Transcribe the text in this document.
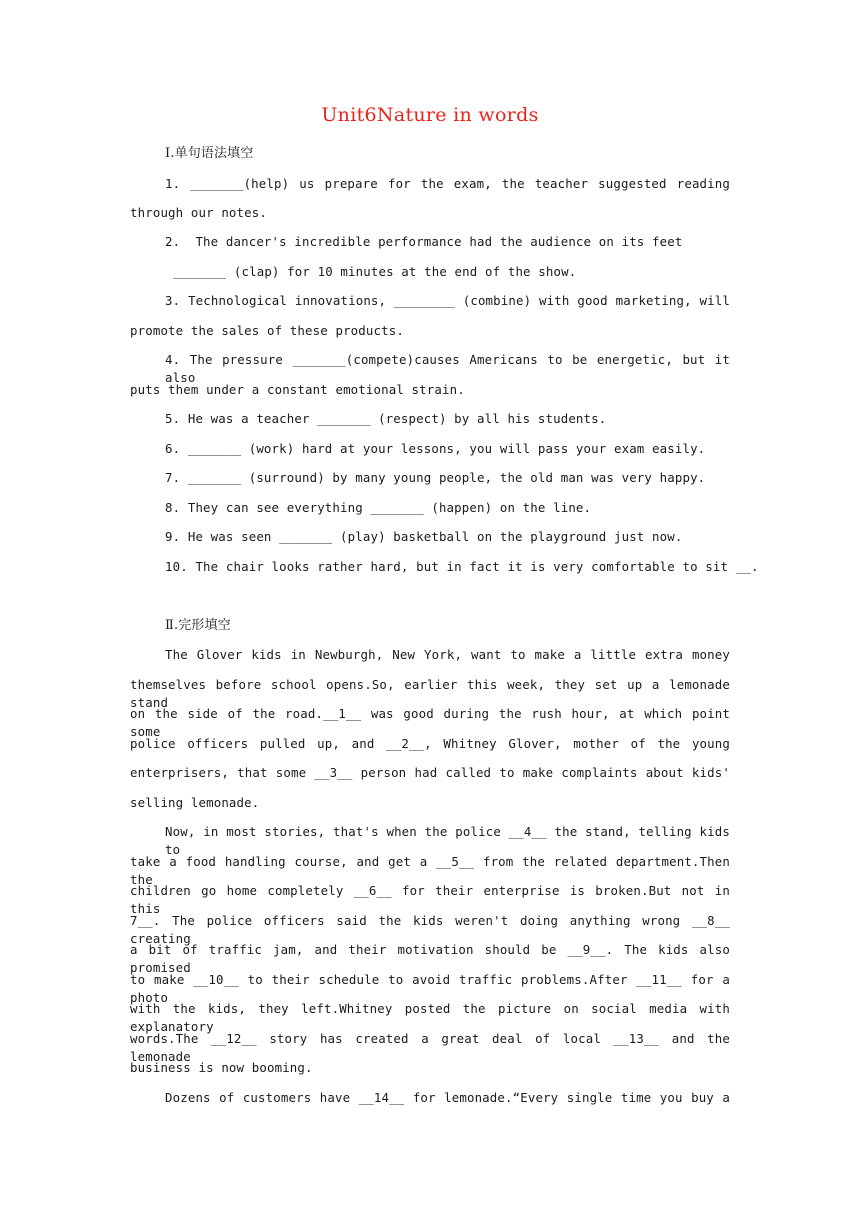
Unit6Nature in words
Ⅰ.单句语法填空
1. _______(help) us prepare for the exam, the teacher suggested reading
through our notes.
2.  The dancer's incredible performance had the audience on its feet
_______ (clap) for 10 minutes at the end of the show.
3. Technological innovations, ________ (combine) with good marketing, will
promote the sales of these products.
4. The pressure _______(compete)causes Americans to be energetic, but it also
puts them under a constant emotional strain.
5. He was a teacher _______ (respect) by all his students.
6. _______ (work) hard at your lessons, you will pass your exam easily.
7. _______ (surround) by many young people, the old man was very happy.
8. They can see everything _______ (happen) on the line.
9. He was seen _______ (play) basketball on the playground just now.
10. The chair looks rather hard, but in fact it is very comfortable to sit __.
Ⅱ.完形填空
The Glover kids in Newburgh, New York, want to make a little extra money
themselves before school opens.So, earlier this week, they set up a lemonade stand
on the side of the road.__1__ was good during the rush hour, at which point some
police officers pulled up, and __2__, Whitney Glover, mother of the young
enterprisers, that some __3__ person had called to make complaints about kids'
selling lemonade.
Now, in most stories, that's when the police __4__ the stand, telling kids to
take a food handling course, and get a __5__ from the related department.Then the
children go home completely __6__ for their enterprise is broken.But not in this
7__. The police officers said the kids weren't doing anything wrong __8__ creating
a bit of traffic jam, and their motivation should be __9__. The kids also promised
to make __10__ to their schedule to avoid traffic problems.After __11__ for a photo
with the kids, they left.Whitney posted the picture on social media with explanatory
words.The __12__ story has created a great deal of local __13__ and the lemonade
business is now booming.
Dozens of customers have __14__ for lemonade.“Every single time you buy a
